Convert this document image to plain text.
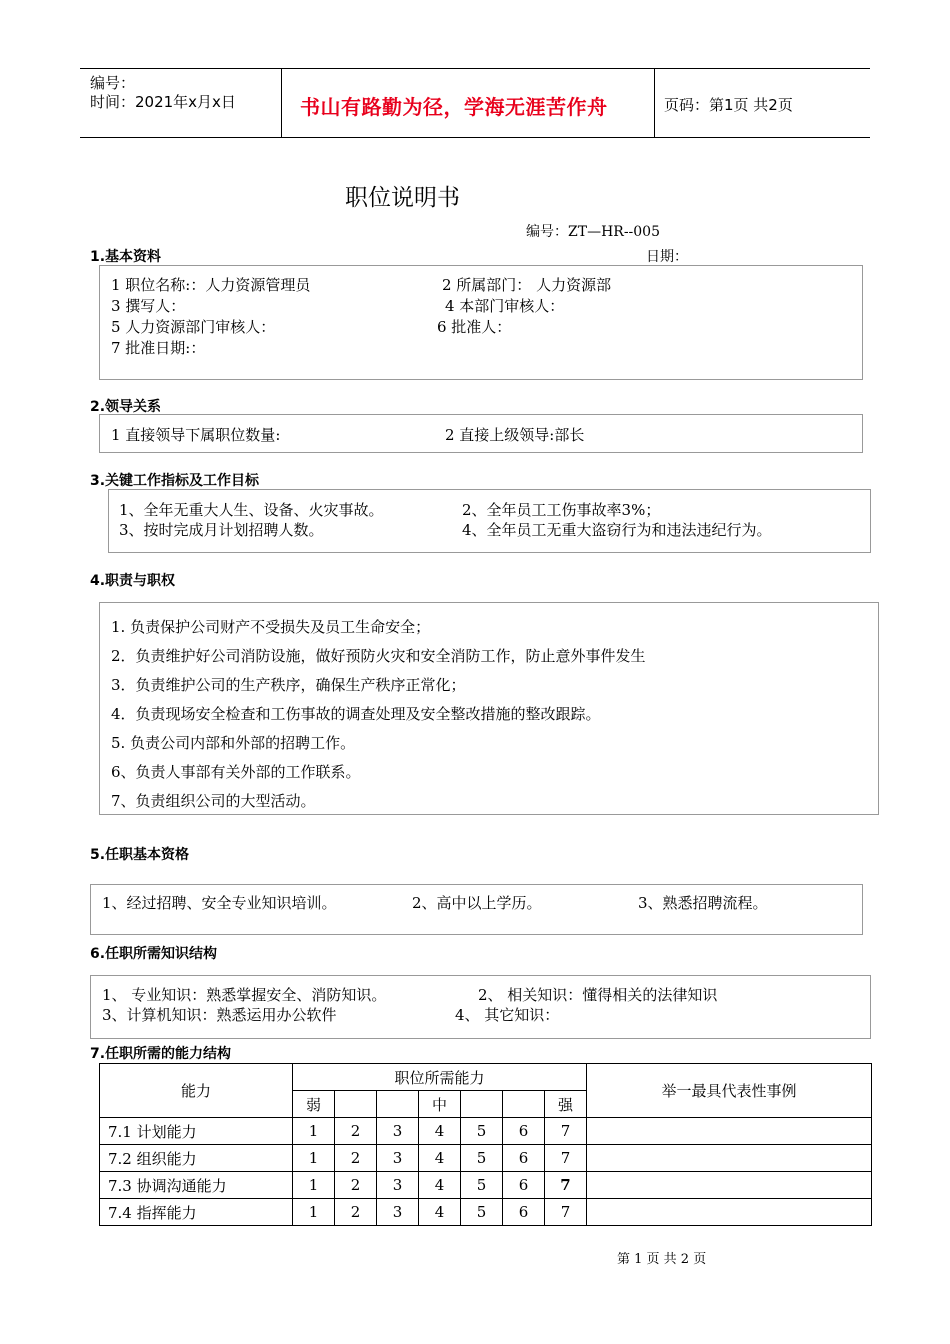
编号：
时间：2021年x月x日	页码：第1页 共2页
书山有路勤为径，学海无涯苦作舟
职位说明书
编号：ZT—HR--005
日期：
1.基本资料
1 职位名称:：人力资源管理员	2 所属部门： 人力资源部
3 撰写人：	4 本部门审核人：
5 人力资源部门审核人：	6 批准人：
7 批准日期:：
2.领导关系
1 直接领导下属职位数量:	2 直接上级领导:部长
3.关键工作指标及工作目标
1、全年无重大人生、设备、火灾事故。	2、全年员工工伤事故率3%；
3、按时完成月计划招聘人数。	4、全年员工无重大盗窃行为和违法违纪行为。
4.职责与职权
1. 负责保护公司财产不受损失及员工生命安全；
2．负责维护好公司消防设施，做好预防火灾和安全消防工作，防止意外事件发生
3．负责维护公司的生产秩序，确保生产秩序正常化；
4．负责现场安全检查和工伤事故的调查处理及安全整改措施的整改跟踪。
5. 负责公司内部和外部的招聘工作。
6、负责人事部有关外部的工作联系。
7、负责组织公司的大型活动。
5.任职基本资格
1、经过招聘、安全专业知识培训。	2、高中以上学历。	3、熟悉招聘流程。
6.任职所需知识结构
1、 专业知识：熟悉掌握安全、消防知识。	2、 相关知识：懂得相关的法律知识
3、计算机知识：熟悉运用办公软件	4、 其它知识：
7.任职所需的能力结构
能力	职位所需能力							举一最具代表性事例
	弱			中			强	
7.1 计划能力	1	2	3	4	5	6	7	
7.2 组织能力	1	2	3	4	5	6	7	
7.3 协调沟通能力	1	2	3	4	5	6	7	
7.4 指挥能力	1	2	3	4	5	6	7	
第 1 页 共 2 页
